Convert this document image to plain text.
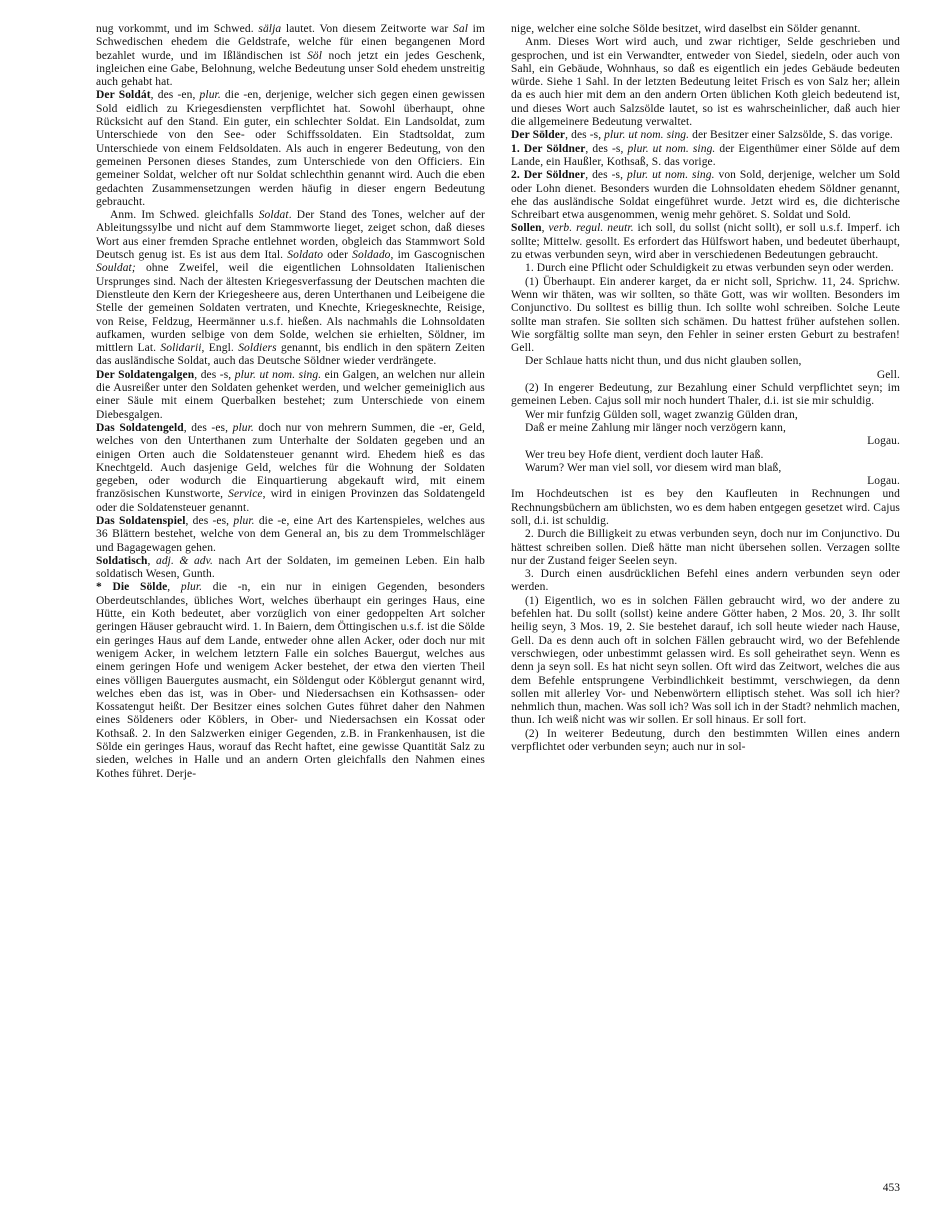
nug vorkommt, und im Schwed. sälja lautet. Von diesem Zeitworte war Sal im Schwedischen ehedem die Geldstrafe, welche für einen begangenen Mord bezahlet wurde, und im Ißländischen ist Söl noch jetzt ein jedes Geschenk, ingleichen eine Gabe, Belohnung, welche Bedeutung unser Sold ehedem unstreitig auch gehabt hat.

Der Soldát, des -en, plur. die -en, derjenige, welcher sich gegen einen gewissen Sold eidlich zu Kriegesdiensten verpflichtet hat. Sowohl überhaupt, ohne Rücksicht auf den Stand. Ein guter, ein schlechter Soldat. Ein Landsoldat, zum Unterschiede von den See- oder Schiffssoldaten. Ein Stadtsoldat, zum Unterschiede von einem Feldsoldaten. Als auch in engerer Bedeutung, von den gemeinen Personen dieses Standes, zum Unterschiede von den Officiers. Ein gemeiner Soldat, welcher oft nur Soldat schlechthin genannt wird. Auch die eben gedachten Zusammensetzungen werden häufig in dieser engern Bedeutung gebraucht.

Anm. Im Schwed. gleichfalls Soldat. Der Stand des Tones, welcher auf der Ableitungssylbe und nicht auf dem Stammworte lieget, zeiget schon, daß dieses Wort aus einer fremden Sprache entlehnet worden, obgleich das Stammwort Sold Deutsch genug ist. Es ist aus dem Ital. Soldato oder Soldado, im Gascognischen Souldat; ohne Zweifel, weil die eigentlichen Lohnsoldaten Italienischen Ursprunges sind. Nach der ältesten Kriegesverfassung der Deutschen machten die Dienstleute den Kern der Kriegesheere aus, deren Unterthanen und Leibeigene die Stelle der gemeinen Soldaten vertraten, und Knechte, Kriegesknechte, Reisige, von Reise, Feldzug, Heermänner u.s.f. hießen. Als nachmahls die Lohnsoldaten aufkamen, wurden selbige von dem Solde, welchen sie erhielten, Söldner, im mittlern Lat. Solidarii, Engl. Soldiers genannt, bis endlich in den spätern Zeiten das ausländische Soldat, auch das Deutsche Söldner wieder verdrängete.

Der Soldatengalgen, des -s, plur. ut nom. sing. ein Galgen, an welchen nur allein die Ausreißer unter den Soldaten gehenket werden, und welcher gemeiniglich aus einer Säule mit einem Querbalken bestehet; zum Unterschiede von einem Diebesgalgen.

Das Soldatengeld, des -es, plur. doch nur von mehrern Summen, die -er, Geld, welches von den Unterthanen zum Unterhalte der Soldaten gegeben und an einigen Orten auch die Soldatensteuer genannt wird. Ehedem hieß es das Knechtgeld. Auch dasjenige Geld, welches für die Wohnung der Soldaten gegeben, oder wodurch die Einquartierung abgekauft wird, mit einem französischen Kunstworte, Service, wird in einigen Provinzen das Soldatengeld oder die Soldatensteuer genannt.

Das Soldatenspiel, des -es, plur. die -e, eine Art des Kartenspieles, welches aus 36 Blättern bestehet, welche von dem General an, bis zu dem Trommelschläger und Bagagewagen gehen.

Soldatisch, adj. & adv. nach Art der Soldaten, im gemeinen Leben. Ein halb soldatisch Wesen, Gunth.

* Die Sölde, plur. die -n, ein nur in einigen Gegenden, besonders Oberdeutschlandes, übliches Wort, welches überhaupt ein geringes Haus, eine Hütte, ein Koth bedeutet, aber vorzüglich von einer gedoppelten Art solcher geringen Häuser gebraucht wird. 1. In Baiern, dem Öttingischen u.s.f. ist die Sölde ein geringes Haus auf dem Lande, entweder ohne allen Acker, oder doch nur mit wenigem Acker, in welchem letztern Falle ein solches Bauergut, welches aus einem geringen Hofe und wenigem Acker bestehet, der etwa den vierten Theil eines völligen Bauergutes ausmacht, ein Söldengut oder Köblergut genannt wird, welches eben das ist, was in Ober- und Niedersachsen ein Kothsassen- oder Kossatengut heißt. Der Besitzer eines solchen Gutes führet daher den Nahmen eines Söldeners oder Köblers, in Ober- und Niedersachsen ein Kossat oder Kothsaß. 2. In den Salzwerken einiger Gegenden, z.B. in Frankenhausen, ist die Sölde ein geringes Haus, worauf das Recht haftet, eine gewisse Quantität Salz zu sieden, welches in Halle und an andern Orten gleichfalls den Nahmen eines Kothes führet. Derje-

nige, welcher eine solche Sölde besitzet, wird daselbst ein Sölder genannt.

Anm. Dieses Wort wird auch, und zwar richtiger, Selde geschrieben und gesprochen, und ist ein Verwandter, entweder von Siedel, siedeln, oder auch von Sahl, ein Gebäude, Wohnhaus, so daß es eigentlich ein jedes Gebäude bedeuten würde. Siehe 1 Sahl. In der letzten Bedeutung leitet Frisch es von Salz her; allein da es auch hier mit dem an den andern Orten üblichen Koth gleich bedeutend ist, und dieses Wort auch Salzsölde lautet, so ist es wahrscheinlicher, daß auch hier die allgemeinere Bedeutung verwaltet.

Der Sölder, des -s, plur. ut nom. sing. der Besitzer einer Salzsölde, S. das vorige.

1. Der Söldner, des -s, plur. ut nom. sing. der Eigenthümer einer Sölde auf dem Lande, ein Haußler, Kothsaß, S. das vorige.

2. Der Söldner, des -s, plur. ut nom. sing. von Sold, derjenige, welcher um Sold oder Lohn dienet. Besonders wurden die Lohnsoldaten ehedem Söldner genannt, ehe das ausländische Soldat eingeführet wurde. Jetzt wird es, die dichterische Schreibart etwa ausgenommen, wenig mehr gehöret. S. Soldat und Sold.

Sollen, verb. regul. neutr. ich soll, du sollst (nicht sollt), er soll u.s.f. Imperf. ich sollte; Mittelw. gesollt. Es erfordert das Hülfswort haben, und bedeutet überhaupt, zu etwas verbunden seyn, wird aber in verschiedenen Bedeutungen gebraucht.

1. Durch eine Pflicht oder Schuldigkeit zu etwas verbunden seyn oder werden.

(1) Überhaupt. Ein anderer karget, da er nicht soll, Sprichw. 11, 24. Sprichw. Wenn wir thäten, was wir sollten, so thäte Gott, was wir wollten. Besonders im Conjunctivo. Du solltest es billig thun. Ich sollte wohl schreiben. Solche Leute sollte man strafen. Sie sollten sich schämen. Du hattest früher aufstehen sollen. Wie sorgfältig sollte man seyn, den Fehler in seiner ersten Geburt zu bestrafen! Gell.

Der Schlaue hatts nicht thun, und dus nicht glauben sollen,

Gell.

(2) In engerer Bedeutung, zur Bezahlung einer Schuld verpflichtet seyn; im gemeinen Leben. Cajus soll mir noch hundert Thaler, d.i. ist sie mir schuldig.

Wer mir funfzig Gülden soll, waget zwanzig Gülden dran,

Daß er meine Zahlung mir länger noch verzögern kann,

Logau.

Wer treu bey Hofe dient, verdient doch lauter Haß.

Warum? Wer man viel soll, vor diesem wird man blaß,

Logau.

Im Hochdeutschen ist es bey den Kaufleuten in Rechnungen und Rechnungsbüchern am üblichsten, wo es dem haben entgegen gesetzet wird. Cajus soll, d.i. ist schuldig.

2. Durch die Billigkeit zu etwas verbunden seyn, doch nur im Conjunctivo. Du hättest schreiben sollen. Dieß hätte man nicht übersehen sollen. Verzagen sollte nur der Zustand feiger Seelen seyn.

3. Durch einen ausdrücklichen Befehl eines andern verbunden seyn oder werden.

(1) Eigentlich, wo es in solchen Fällen gebraucht wird, wo der andere zu befehlen hat. Du sollt (sollst) keine andere Götter haben, 2 Mos. 20, 3. Ihr sollt heilig seyn, 3 Mos. 19, 2. Sie bestehet darauf, ich soll heute wieder nach Hause, Gell. Da es denn auch oft in solchen Fällen gebraucht wird, wo der Befehlende verschwiegen, oder unbestimmt gelassen wird. Es soll geheirathet seyn. Wenn es denn ja seyn soll. Es hat nicht seyn sollen. Oft wird das Zeitwort, welches die aus dem Befehle entsprungene Verbindlichkeit bestimmt, verschwiegen, da denn sollen mit allerley Vor- und Nebenwörtern elliptisch stehet. Was soll ich hier? nehmlich thun, machen. Was soll ich? Was soll ich in der Stadt? nehmlich machen, thun. Ich weiß nicht was wir sollen. Er soll hinaus. Er soll fort.

(2) In weiterer Bedeutung, durch den bestimmten Willen eines andern verpflichtet oder verbunden seyn; auch nur in sol-

453
